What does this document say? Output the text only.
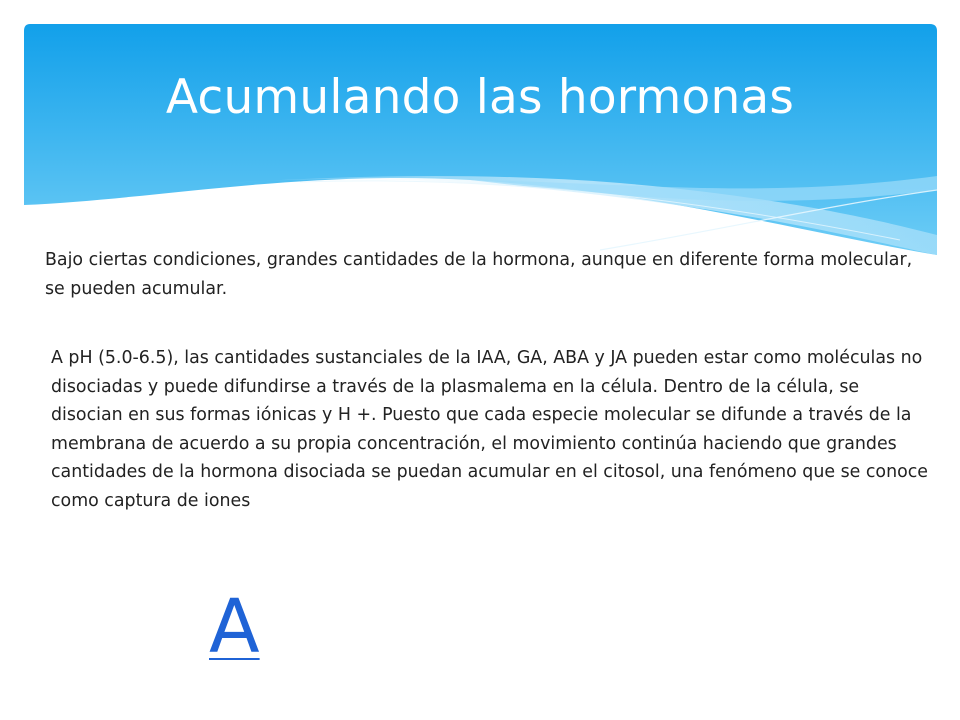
Acumulando las hormonas

Bajo ciertas condiciones, grandes cantidades de la hormona, aunque en diferente forma molecular, se pueden acumular.

A pH (5.0-6.5), las cantidades sustanciales de la IAA, GA, ABA y JA pueden estar como moléculas no disociadas y puede difundirse a través de la plasmalema en la célula. Dentro de la célula, se disocian en sus formas iónicas y H +. Puesto que cada especie molecular se difunde a través de la membrana de acuerdo a su propia concentración, el movimiento continúa haciendo que grandes cantidades de la hormona disociada se puedan acumular en el citosol, una fenómeno que se conoce como captura de iones

A
